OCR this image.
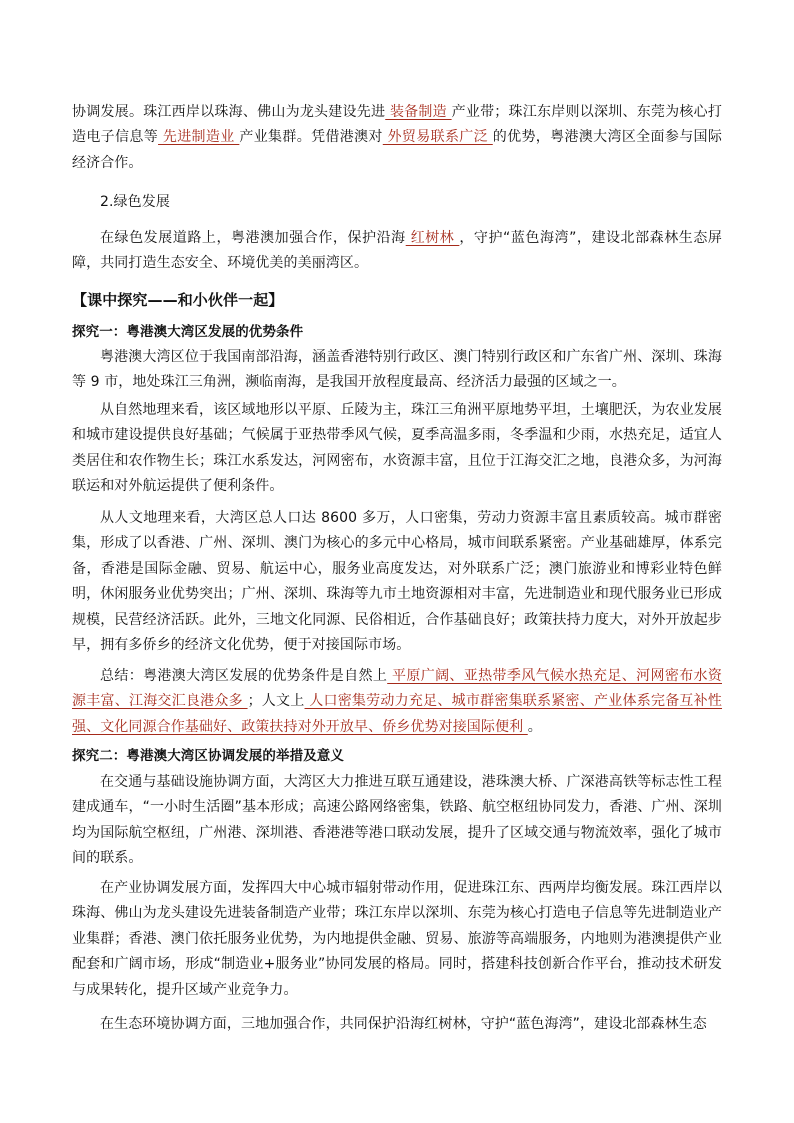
协调发展。珠江西岸以珠海、佛山为龙头建设先进 装备制造 产业带；珠江东岸则以深圳、东莞为核心打造电子信息等 先进制造业 产业集群。凭借港澳对 外贸易联系广泛 的优势，粤港澳大湾区全面参与国际经济合作。

2.绿色发展

在绿色发展道路上，粤港澳加强合作，保护沿海 红树林 ，守护“蓝色海湾”，建设北部森林生态屏障，共同打造生态安全、环境优美的美丽湾区。

【课中探究——和小伙伴一起】

探究一：粤港澳大湾区发展的优势条件

粤港澳大湾区位于我国南部沿海，涵盖香港特别行政区、澳门特别行政区和广东省广州、深圳、珠海等 9 市，地处珠江三角洲，濒临南海，是我国开放程度最高、经济活力最强的区域之一。

从自然地理来看，该区域地形以平原、丘陵为主，珠江三角洲平原地势平坦，土壤肥沃，为农业发展和城市建设提供良好基础；气候属于亚热带季风气候，夏季高温多雨，冬季温和少雨，水热充足，适宜人类居住和农作物生长；珠江水系发达，河网密布，水资源丰富，且位于江海交汇之地，良港众多，为河海联运和对外航运提供了便利条件。

从人文地理来看，大湾区总人口达 8600 多万，人口密集，劳动力资源丰富且素质较高。城市群密集，形成了以香港、广州、深圳、澳门为核心的多元中心格局，城市间联系紧密。产业基础雄厚，体系完备，香港是国际金融、贸易、航运中心，服务业高度发达，对外联系广泛；澳门旅游业和博彩业特色鲜明，休闲服务业优势突出；广州、深圳、珠海等九市土地资源相对丰富，先进制造业和现代服务业已形成规模，民营经济活跃。此外，三地文化同源、民俗相近，合作基础良好；政策扶持力度大，对外开放起步早，拥有多侨乡的经济文化优势，便于对接国际市场。

总结：粤港澳大湾区发展的优势条件是自然上 平原广阔、亚热带季风气候水热充足、河网密布水资源丰富、江海交汇良港众多 ；人文上 人口密集劳动力充足、城市群密集联系紧密、产业体系完备互补性强、文化同源合作基础好、政策扶持对外开放早、侨乡优势对接国际便利 。

探究二：粤港澳大湾区协调发展的举措及意义

在交通与基础设施协调方面，大湾区大力推进互联互通建设，港珠澳大桥、广深港高铁等标志性工程建成通车，“一小时生活圈”基本形成；高速公路网络密集，铁路、航空枢纽协同发力，香港、广州、深圳均为国际航空枢纽，广州港、深圳港、香港港等港口联动发展，提升了区域交通与物流效率，强化了城市间的联系。

在产业协调发展方面，发挥四大中心城市辐射带动作用，促进珠江东、西两岸均衡发展。珠江西岸以珠海、佛山为龙头建设先进装备制造产业带；珠江东岸以深圳、东莞为核心打造电子信息等先进制造业产业集群；香港、澳门依托服务业优势，为内地提供金融、贸易、旅游等高端服务，内地则为港澳提供产业配套和广阔市场，形成“制造业+服务业”协同发展的格局。同时，搭建科技创新合作平台，推动技术研发与成果转化，提升区域产业竞争力。

在生态环境协调方面，三地加强合作，共同保护沿海红树林，守护“蓝色海湾”，建设北部森林生态
